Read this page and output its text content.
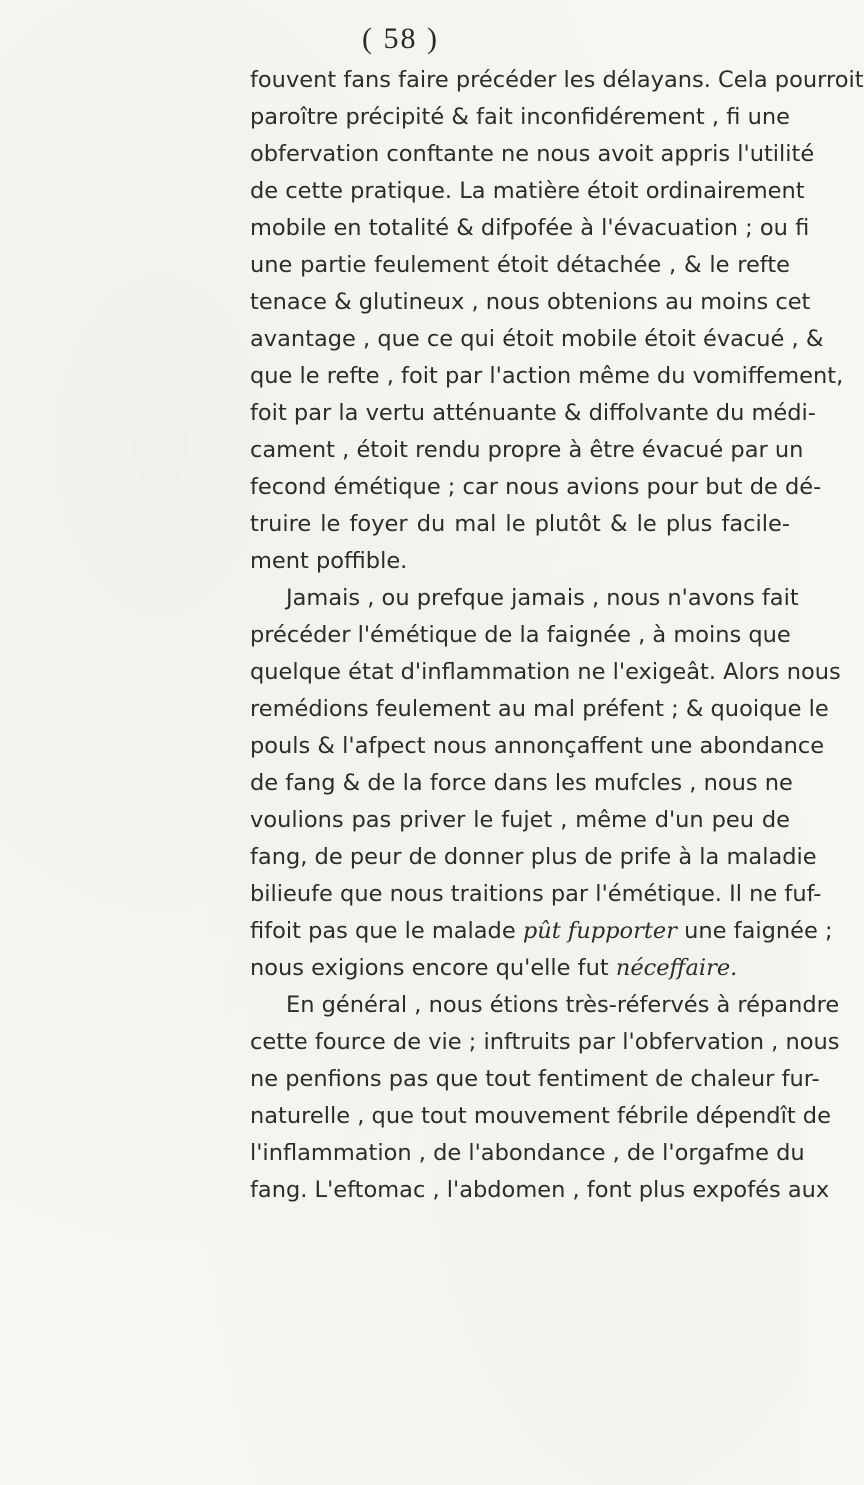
( 58 )
fouvent fans faire précéder les délayans. Cela pourroit
paroître précipité & fait inconfidérement , fi une
obfervation conftante ne nous avoit appris l'utilité
de cette pratique. La matière étoit ordinairement
mobile en totalité & difpofée à l'évacuation ; ou fi
une partie feulement étoit détachée , & le refte
tenace & glutineux , nous obtenions au moins cet
avantage , que ce qui étoit mobile étoit évacué , &
que le refte , foit par l'action même du vomiffement,
foit par la vertu atténuante & diffolvante du médi-
cament , étoit rendu propre à être évacué par un
fecond émétique ; car nous avions pour but de dé-
truire le foyer du mal le plutôt & le plus facile-
ment poffible.
Jamais , ou prefque jamais , nous n'avons fait
précéder l'émétique de la faignée , à moins que
quelque état d'inflammation ne l'exigeât. Alors nous
remédions feulement au mal préfent ; & quoique le
pouls & l'afpect nous annonçaffent une abondance
de fang & de la force dans les mufcles , nous ne
voulions pas priver le fujet , même d'un peu de
fang, de peur de donner plus de prife à la maladie
bilieufe que nous traitions par l'émétique. Il ne fuf-
fifoit pas que le malade pût fupporter une faignée ;
nous exigions encore qu'elle fut néceffaire.
En général , nous étions très-réfervés à répandre
cette fource de vie ; inftruits par l'obfervation , nous
ne penfions pas que tout fentiment de chaleur fur-
naturelle , que tout mouvement fébrile dépendît de
l'inflammation , de l'abondance , de l'orgafme du
fang. L'eftomac , l'abdomen , font plus expofés aux
